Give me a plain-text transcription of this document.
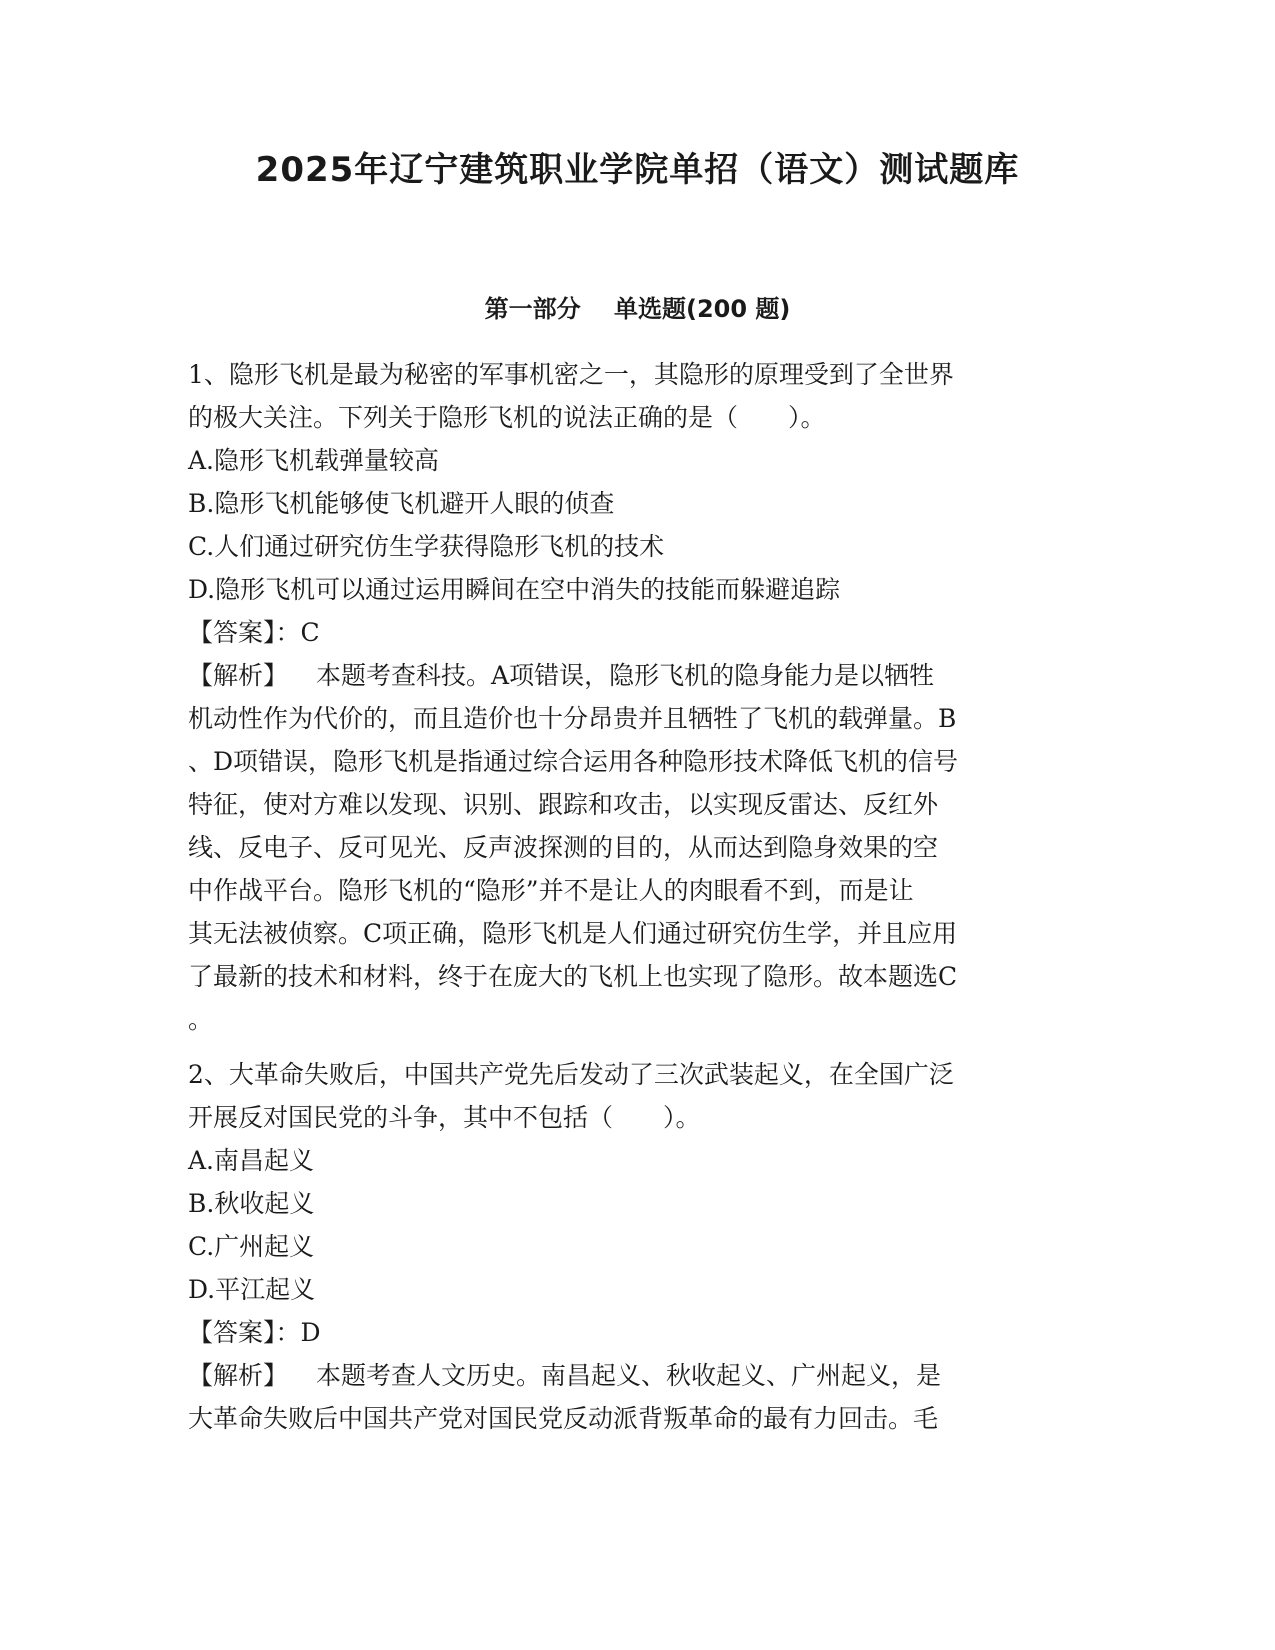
2025年辽宁建筑职业学院单招（语文）测试题库
第一部分    单选题(200 题)
1、隐形飞机是最为秘密的军事机密之一，其隐形的原理受到了全世界
的极大关注。下列关于隐形飞机的说法正确的是（　　）。
A.隐形飞机载弹量较高
B.隐形飞机能够使飞机避开人眼的侦查
C.人们通过研究仿生学获得隐形飞机的技术
D.隐形飞机可以通过运用瞬间在空中消失的技能而躲避追踪
【答案】：C
【解析】 本题考查科技。A项错误，隐形飞机的隐身能力是以牺牲
机动性作为代价的，而且造价也十分昂贵并且牺牲了飞机的载弹量。B
、D项错误，隐形飞机是指通过综合运用各种隐形技术降低飞机的信号
特征，使对方难以发现、识别、跟踪和攻击，以实现反雷达、反红外
线、反电子、反可见光、反声波探测的目的，从而达到隐身效果的空
中作战平台。隐形飞机的“隐形”并不是让人的肉眼看不到，而是让
其无法被侦察。C项正确，隐形飞机是人们通过研究仿生学，并且应用
了最新的技术和材料，终于在庞大的飞机上也实现了隐形。故本题选C
。
2、大革命失败后，中国共产党先后发动了三次武装起义，在全国广泛
开展反对国民党的斗争，其中不包括（　　）。
A.南昌起义
B.秋收起义
C.广州起义
D.平江起义
【答案】：D
【解析】 本题考查人文历史。南昌起义、秋收起义、广州起义，是
大革命失败后中国共产党对国民党反动派背叛革命的最有力回击。毛
